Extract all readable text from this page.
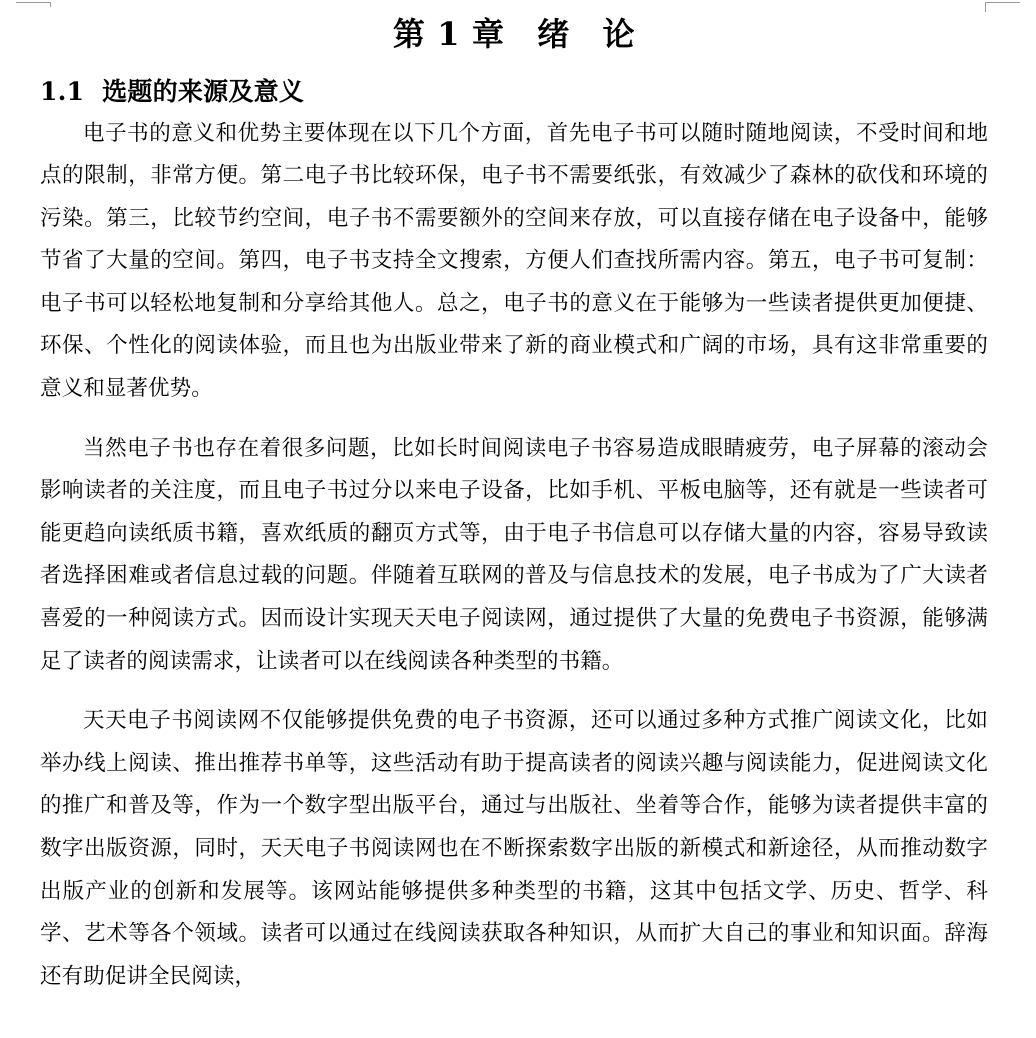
第 1 章　绪　论
1.1  选题的来源及意义

电子书的意义和优势主要体现在以下几个方面，首先电子书可以随时随地阅读，不受时间和地点的限制，非常方便。第二电子书比较环保，电子书不需要纸张，有效减少了森林的砍伐和环境的污染。第三，比较节约空间，电子书不需要额外的空间来存放，可以直接存储在电子设备中，能够节省了大量的空间。第四，电子书支持全文搜索，方便人们查找所需内容。第五，电子书可复制：电子书可以轻松地复制和分享给其他人。总之，电子书的意义在于能够为一些读者提供更加便捷、环保、个性化的阅读体验，而且也为出版业带来了新的商业模式和广阔的市场，具有这非常重要的意义和显著优势。

当然电子书也存在着很多问题，比如长时间阅读电子书容易造成眼睛疲劳，电子屏幕的滚动会影响读者的关注度，而且电子书过分以来电子设备，比如手机、平板电脑等，还有就是一些读者可能更趋向读纸质书籍，喜欢纸质的翻页方式等，由于电子书信息可以存储大量的内容，容易导致读者选择困难或者信息过载的问题。伴随着互联网的普及与信息技术的发展，电子书成为了广大读者喜爱的一种阅读方式。因而设计实现天天电子阅读网，通过提供了大量的免费电子书资源，能够满足了读者的阅读需求，让读者可以在线阅读各种类型的书籍。

天天电子书阅读网不仅能够提供免费的电子书资源，还可以通过多种方式推广阅读文化，比如举办线上阅读、推出推荐书单等，这些活动有助于提高读者的阅读兴趣与阅读能力，促进阅读文化的推广和普及等，作为一个数字型出版平台，通过与出版社、坐着等合作，能够为读者提供丰富的数字出版资源，同时，天天电子书阅读网也在不断探索数字出版的新模式和新途径，从而推动数字出版产业的创新和发展等。该网站能够提供多种类型的书籍，这其中包括文学、历史、哲学、科学、艺术等各个领域。读者可以通过在线阅读获取各种知识，从而扩大自己的事业和知识面。辞海还有助促讲全民阅读，
